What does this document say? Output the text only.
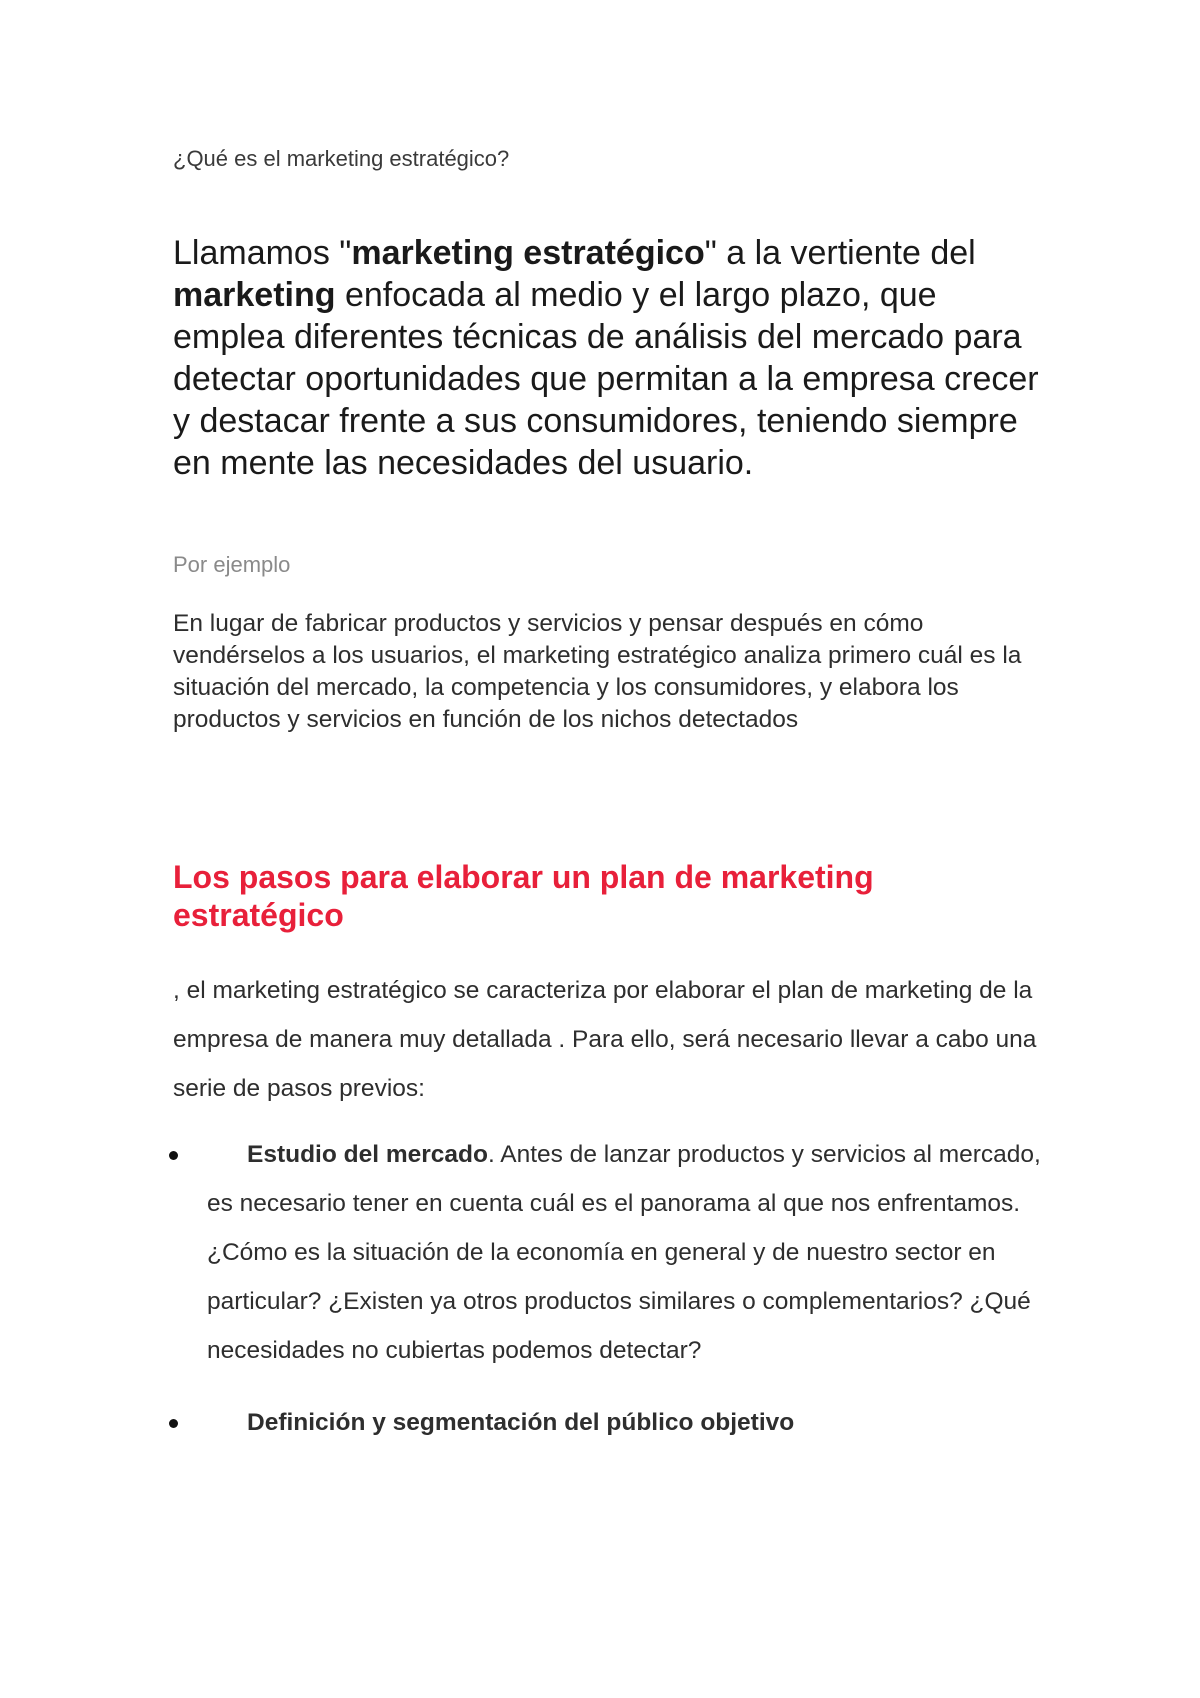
¿Qué es el marketing estratégico?

Llamamos "marketing estratégico" a la vertiente del marketing enfocada al medio y el largo plazo, que emplea diferentes técnicas de análisis del mercado para detectar oportunidades que permitan a la empresa crecer y destacar frente a sus consumidores, teniendo siempre en mente las necesidades del usuario.

Por ejemplo

En lugar de fabricar productos y servicios y pensar después en cómo vendérselos a los usuarios, el marketing estratégico analiza primero cuál es la situación del mercado, la competencia y los consumidores, y elabora los productos y servicios en función de los nichos detectados

Los pasos para elaborar un plan de marketing estratégico

, el marketing estratégico se caracteriza por elaborar el plan de marketing de la empresa de manera muy detallada . Para ello, será necesario llevar a cabo una serie de pasos previos:

Estudio del mercado. Antes de lanzar productos y servicios al mercado, es necesario tener en cuenta cuál es el panorama al que nos enfrentamos. ¿Cómo es la situación de la economía en general y de nuestro sector en particular? ¿Existen ya otros productos similares o complementarios? ¿Qué necesidades no cubiertas podemos detectar?
Definición y segmentación del público objetivo
